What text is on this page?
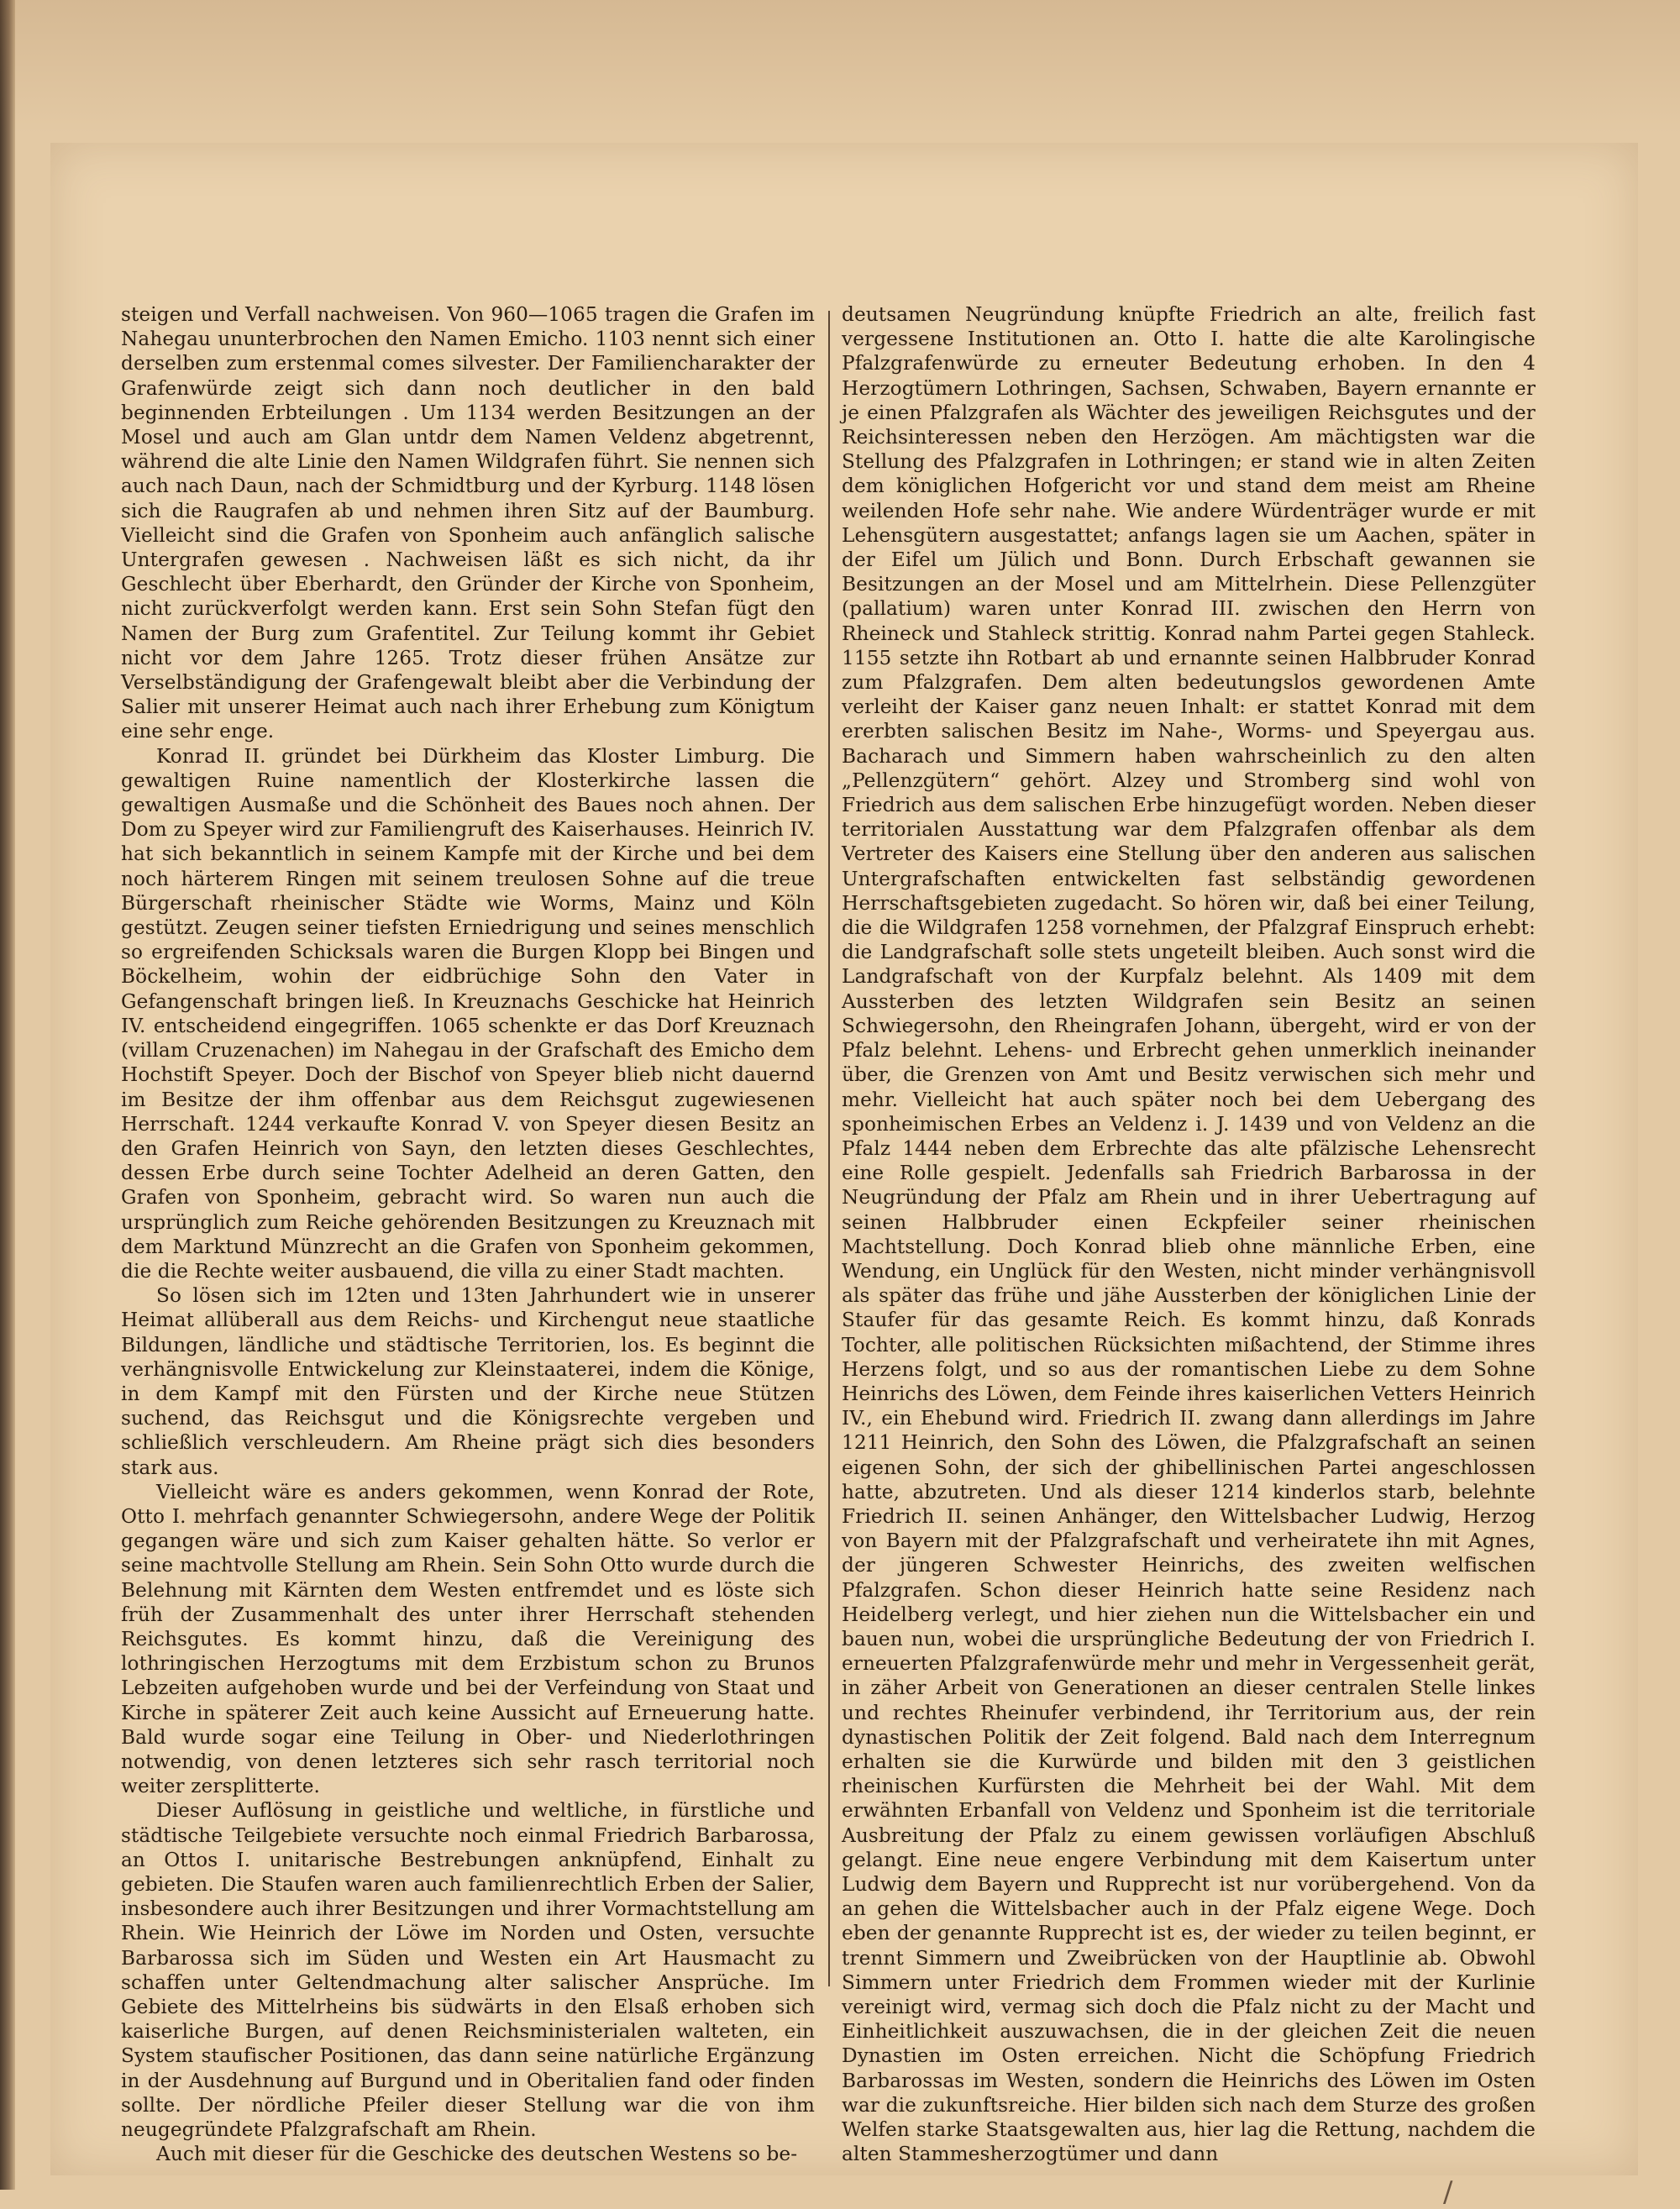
steigen und Verfall nachweisen. Von 960—1065 tragen die Grafen im Nahegau ununterbrochen den Namen Emicho. 1103 nennt sich einer derselben zum erstenmal comes silvester. Der Familiencharakter der Grafenwürde zeigt sich dann noch deutlicher in den bald beginnenden Erbteilungen . Um 1134 werden Besitzungen an der Mosel und auch am Glan untdr dem Namen Veldenz abgetrennt, während die alte Linie den Namen Wildgrafen führt. Sie nennen sich auch nach Daun, nach der Schmidtburg und der Kyrburg. 1148 lösen sich die Raugrafen ab und nehmen ihren Sitz auf der Baumburg. Vielleicht sind die Grafen von Sponheim auch anfänglich salische Untergrafen gewesen . Nachweisen läßt es sich nicht, da ihr Geschlecht über Eberhardt, den Gründer der Kirche von Sponheim, nicht zurückverfolgt werden kann. Erst sein Sohn Stefan fügt den Namen der Burg zum Grafentitel. Zur Teilung kommt ihr Gebiet nicht vor dem Jahre 1265. Trotz dieser frühen Ansätze zur Verselbständigung der Grafengewalt bleibt aber die Verbindung der Salier mit unserer Heimat auch nach ihrer Erhebung zum Königtum eine sehr enge.

Konrad II. gründet bei Dürkheim das Kloster Limburg. Die gewaltigen Ruine namentlich der Klosterkirche lassen die gewaltigen Ausmaße und die Schönheit des Baues noch ahnen. Der Dom zu Speyer wird zur Familiengruft des Kaiserhauses. Heinrich IV. hat sich bekanntlich in seinem Kampfe mit der Kirche und bei dem noch härterem Ringen mit seinem treulosen Sohne auf die treue Bürgerschaft rheinischer Städte wie Worms, Mainz und Köln gestützt. Zeugen seiner tiefsten Erniedrigung und seines menschlich so ergreifenden Schicksals waren die Burgen Klopp bei Bingen und Böckelheim, wohin der eidbrüchige Sohn den Vater in Gefangenschaft bringen ließ. In Kreuznachs Geschicke hat Heinrich IV. entscheidend eingegriffen. 1065 schenkte er das Dorf Kreuznach (villam Cruzenachen) im Nahegau in der Grafschaft des Emicho dem Hochstift Speyer. Doch der Bischof von Speyer blieb nicht dauernd im Besitze der ihm offenbar aus dem Reichsgut zugewiesenen Herrschaft. 1244 verkaufte Konrad V. von Speyer diesen Besitz an den Grafen Heinrich von Sayn, den letzten dieses Geschlechtes, dessen Erbe durch seine Tochter Adelheid an deren Gatten, den Grafen von Sponheim, gebracht wird. So waren nun auch die ursprünglich zum Reiche gehörenden Besitzungen zu Kreuznach mit dem Marktund Münzrecht an die Grafen von Sponheim gekommen, die die Rechte weiter ausbauend, die villa zu einer Stadt machten.

So lösen sich im 12ten und 13ten Jahrhundert wie in unserer Heimat allüberall aus dem Reichs- und Kirchengut neue staatliche Bildungen, ländliche und städtische Territorien, los. Es beginnt die verhängnisvolle Entwickelung zur Kleinstaaterei, indem die Könige, in dem Kampf mit den Fürsten und der Kirche neue Stützen suchend, das Reichsgut und die Königsrechte vergeben und schließlich verschleudern. Am Rheine prägt sich dies besonders stark aus.

Vielleicht wäre es anders gekommen, wenn Konrad der Rote, Otto I. mehrfach genannter Schwiegersohn, andere Wege der Politik gegangen wäre und sich zum Kaiser gehalten hätte. So verlor er seine machtvolle Stellung am Rhein. Sein Sohn Otto wurde durch die Belehnung mit Kärnten dem Westen entfremdet und es löste sich früh der Zusammenhalt des unter ihrer Herrschaft stehenden Reichsgutes. Es kommt hinzu, daß die Vereinigung des lothringischen Herzogtums mit dem Erzbistum schon zu Brunos Lebzeiten aufgehoben wurde und bei der Verfeindung von Staat und Kirche in späterer Zeit auch keine Aussicht auf Erneuerung hatte. Bald wurde sogar eine Teilung in Ober- und Niederlothringen notwendig, von denen letzteres sich sehr rasch territorial noch weiter zersplitterte.

Dieser Auflösung in geistliche und weltliche, in fürstliche und städtische Teilgebiete versuchte noch einmal Friedrich Barbarossa, an Ottos I. unitarische Bestrebungen anknüpfend, Einhalt zu gebieten. Die Staufen waren auch familienrechtlich Erben der Salier, insbesondere auch ihrer Besitzungen und ihrer Vormachtstellung am Rhein. Wie Heinrich der Löwe im Norden und Osten, versuchte Barbarossa sich im Süden und Westen ein Art Hausmacht zu schaffen unter Geltendmachung alter salischer Ansprüche. Im Gebiete des Mittelrheins bis südwärts in den Elsaß erhoben sich kaiserliche Burgen, auf denen Reichsministerialen walteten, ein System staufischer Positionen, das dann seine natürliche Ergänzung in der Ausdehnung auf Burgund und in Oberitalien fand oder finden sollte. Der nördliche Pfeiler dieser Stellung war die von ihm neugegründete Pfalzgrafschaft am Rhein.

Auch mit dieser für die Geschicke des deutschen Westens so be-

deutsamen Neugründung knüpfte Friedrich an alte, freilich fast vergessene Institutionen an. Otto I. hatte die alte Karolingische Pfalzgrafenwürde zu erneuter Bedeutung erhoben. In den 4 Herzogtümern Lothringen, Sachsen, Schwaben, Bayern ernannte er je einen Pfalzgrafen als Wächter des jeweiligen Reichsgutes und der Reichsinteressen neben den Herzögen. Am mächtigsten war die Stellung des Pfalzgrafen in Lothringen; er stand wie in alten Zeiten dem königlichen Hofgericht vor und stand dem meist am Rheine weilenden Hofe sehr nahe. Wie andere Würdenträger wurde er mit Lehensgütern ausgestattet; anfangs lagen sie um Aachen, später in der Eifel um Jülich und Bonn. Durch Erbschaft gewannen sie Besitzungen an der Mosel und am Mittelrhein. Diese Pellenzgüter (pallatium) waren unter Konrad III. zwischen den Herrn von Rheineck und Stahleck strittig. Konrad nahm Partei gegen Stahleck. 1155 setzte ihn Rotbart ab und ernannte seinen Halbbruder Konrad zum Pfalzgrafen. Dem alten bedeutungslos gewordenen Amte verleiht der Kaiser ganz neuen Inhalt: er stattet Konrad mit dem ererbten salischen Besitz im Nahe-, Worms- und Speyergau aus. Bacharach und Simmern haben wahrscheinlich zu den alten „Pellenzgütern“ gehört. Alzey und Stromberg sind wohl von Friedrich aus dem salischen Erbe hinzugefügt worden. Neben dieser territorialen Ausstattung war dem Pfalzgrafen offenbar als dem Vertreter des Kaisers eine Stellung über den anderen aus salischen Untergrafschaften entwickelten fast selbständig gewordenen Herrschaftsgebieten zugedacht. So hören wir, daß bei einer Teilung, die die Wildgrafen 1258 vornehmen, der Pfalzgraf Einspruch erhebt: die Landgrafschaft solle stets ungeteilt bleiben. Auch sonst wird die Landgrafschaft von der Kurpfalz belehnt. Als 1409 mit dem Aussterben des letzten Wildgrafen sein Besitz an seinen Schwiegersohn, den Rheingrafen Johann, übergeht, wird er von der Pfalz belehnt. Lehens- und Erbrecht gehen unmerklich ineinander über, die Grenzen von Amt und Besitz verwischen sich mehr und mehr. Vielleicht hat auch später noch bei dem Uebergang des sponheimischen Erbes an Veldenz i. J. 1439 und von Veldenz an die Pfalz 1444 neben dem Erbrechte das alte pfälzische Lehensrecht eine Rolle gespielt. Jedenfalls sah Friedrich Barbarossa in der Neugründung der Pfalz am Rhein und in ihrer Uebertragung auf seinen Halbbruder einen Eckpfeiler seiner rheinischen Machtstellung. Doch Konrad blieb ohne männliche Erben, eine Wendung, ein Unglück für den Westen, nicht minder verhängnisvoll als später das frühe und jähe Aussterben der königlichen Linie der Staufer für das gesamte Reich. Es kommt hinzu, daß Konrads Tochter, alle politischen Rücksichten mißachtend, der Stimme ihres Herzens folgt, und so aus der romantischen Liebe zu dem Sohne Heinrichs des Löwen, dem Feinde ihres kaiserlichen Vetters Heinrich IV., ein Ehebund wird. Friedrich II. zwang dann allerdings im Jahre 1211 Heinrich, den Sohn des Löwen, die Pfalzgrafschaft an seinen eigenen Sohn, der sich der ghibellinischen Partei angeschlossen hatte, abzutreten. Und als dieser 1214 kinderlos starb, belehnte Friedrich II. seinen Anhänger, den Wittelsbacher Ludwig, Herzog von Bayern mit der Pfalzgrafschaft und verheiratete ihn mit Agnes, der jüngeren Schwester Heinrichs, des zweiten welfischen Pfalzgrafen. Schon dieser Heinrich hatte seine Residenz nach Heidelberg verlegt, und hier ziehen nun die Wittelsbacher ein und bauen nun, wobei die ursprüngliche Bedeutung der von Friedrich I. erneuerten Pfalzgrafenwürde mehr und mehr in Vergessenheit gerät, in zäher Arbeit von Generationen an dieser centralen Stelle linkes und rechtes Rheinufer verbindend, ihr Territorium aus, der rein dynastischen Politik der Zeit folgend. Bald nach dem Interregnum erhalten sie die Kurwürde und bilden mit den 3 geistlichen rheinischen Kurfürsten die Mehrheit bei der Wahl. Mit dem erwähnten Erbanfall von Veldenz und Sponheim ist die territoriale Ausbreitung der Pfalz zu einem gewissen vorläufigen Abschluß gelangt. Eine neue engere Verbindung mit dem Kaisertum unter Ludwig dem Bayern und Rupprecht ist nur vorübergehend. Von da an gehen die Wittelsbacher auch in der Pfalz eigene Wege. Doch eben der genannte Rupprecht ist es, der wieder zu teilen beginnt, er trennt Simmern und Zweibrücken von der Hauptlinie ab. Obwohl Simmern unter Friedrich dem Frommen wieder mit der Kurlinie vereinigt wird, vermag sich doch die Pfalz nicht zu der Macht und Einheitlichkeit auszuwachsen, die in der gleichen Zeit die neuen Dynastien im Osten erreichen. Nicht die Schöpfung Friedrich Barbarossas im Westen, sondern die Heinrichs des Löwen im Osten war die zukunftsreiche. Hier bilden sich nach dem Sturze des großen Welfen starke Staatsgewalten aus, hier lag die Rettung, nachdem die alten Stammesherzogtümer und dann

/
